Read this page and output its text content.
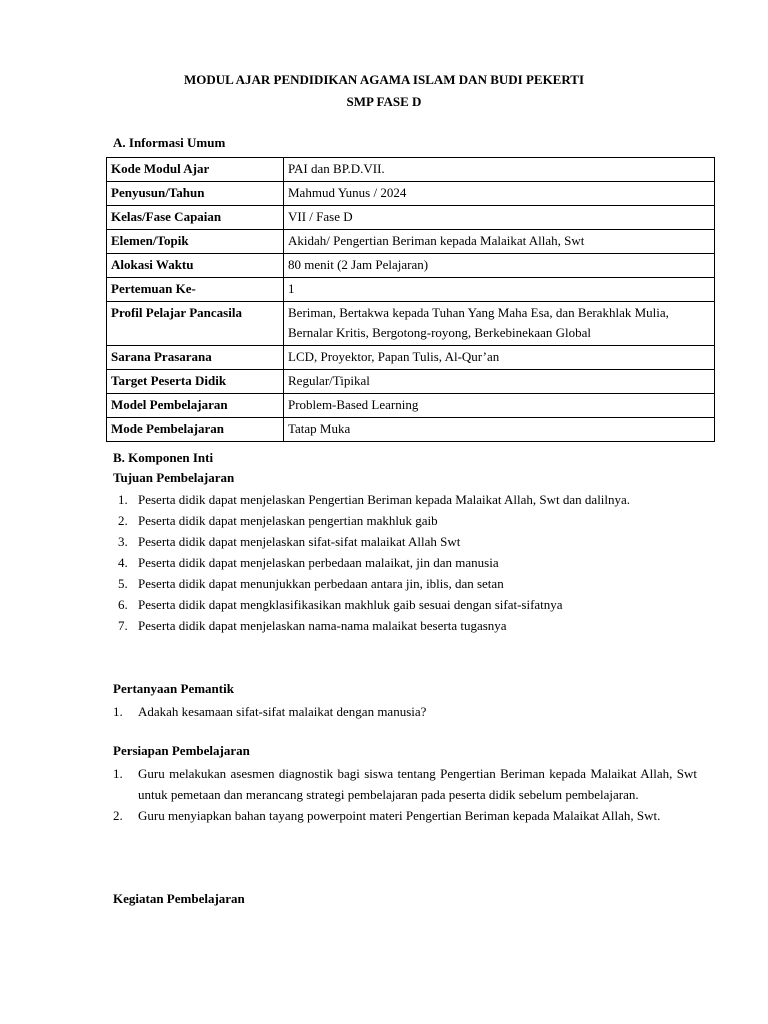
MODUL AJAR PENDIDIKAN AGAMA ISLAM DAN BUDI PEKERTI
SMP FASE D
A. Informasi Umum
Kode Modul Ajar	PAI dan BP.D.VII.
Penyusun/Tahun	Mahmud Yunus / 2024
Kelas/Fase Capaian	VII / Fase D
Elemen/Topik	Akidah/ Pengertian Beriman kepada Malaikat Allah, Swt
Alokasi Waktu	80 menit (2 Jam Pelajaran)
Pertemuan Ke-	1
Profil Pelajar Pancasila	Beriman, Bertakwa kepada Tuhan Yang Maha Esa, dan Berakhlak Mulia, Bernalar Kritis, Bergotong-royong, Berkebinekaan Global
Sarana Prasarana	LCD, Proyektor, Papan Tulis, Al-Qur’an
Target Peserta Didik	Regular/Tipikal
Model Pembelajaran	Problem-Based Learning
Mode Pembelajaran	Tatap Muka
B. Komponen Inti
Tujuan Pembelajaran
1. Peserta didik dapat menjelaskan Pengertian Beriman kepada Malaikat Allah, Swt dan dalilnya.
2. Peserta didik dapat menjelaskan pengertian makhluk gaib
3. Peserta didik dapat menjelaskan sifat-sifat malaikat Allah Swt
4. Peserta didik dapat menjelaskan perbedaan malaikat, jin dan manusia
5. Peserta didik dapat menunjukkan perbedaan antara jin, iblis, dan setan
6. Peserta didik dapat mengklasifikasikan makhluk gaib sesuai dengan sifat-sifatnya
7. Peserta didik dapat menjelaskan nama-nama malaikat beserta tugasnya
Pertanyaan Pemantik
1. Adakah kesamaan sifat-sifat malaikat dengan manusia?
Persiapan Pembelajaran
1. Guru melakukan asesmen diagnostik bagi siswa tentang Pengertian Beriman kepada Malaikat Allah, Swt untuk pemetaan dan merancang strategi pembelajaran pada peserta didik sebelum pembelajaran.
2. Guru menyiapkan bahan tayang powerpoint materi Pengertian Beriman kepada Malaikat Allah, Swt.
Kegiatan Pembelajaran
